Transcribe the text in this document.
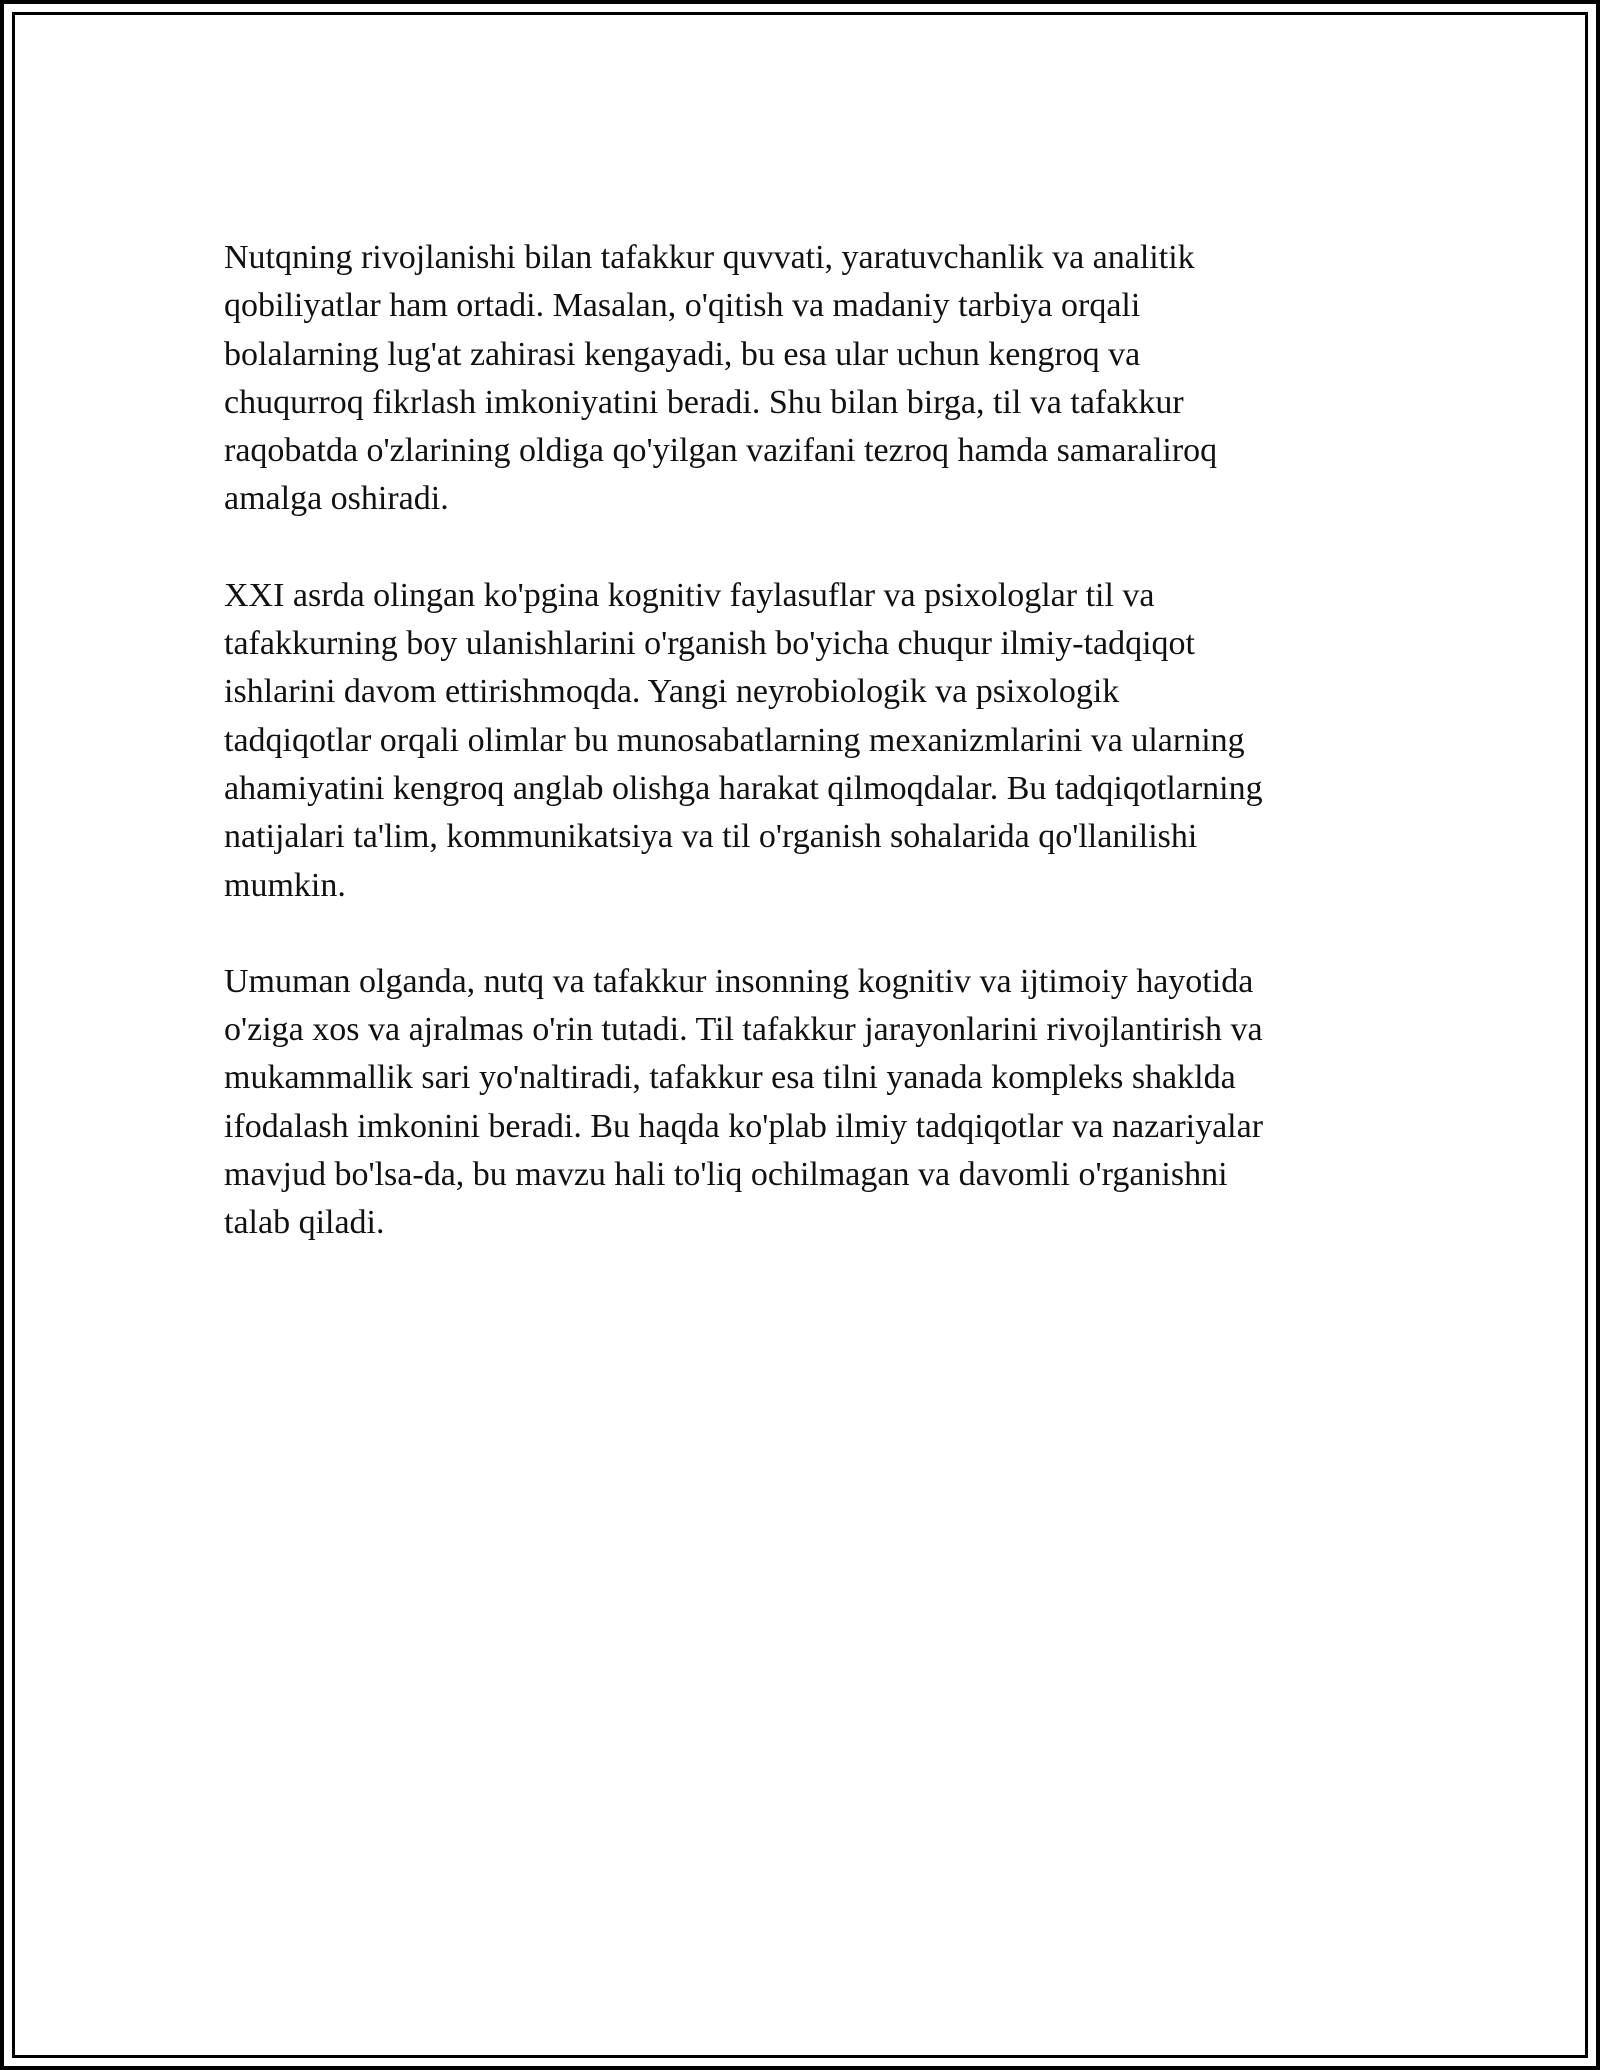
Nutqning rivojlanishi bilan tafakkur quvvati, yaratuvchanlik va analitik
qobiliyatlar ham ortadi. Masalan, o'qitish va madaniy tarbiya orqali
bolalarning lug'at zahirasi kengayadi, bu esa ular uchun kengroq va
chuqurroq fikrlash imkoniyatini beradi. Shu bilan birga, til va tafakkur
raqobatda o'zlarining oldiga qo'yilgan vazifani tezroq hamda samaraliroq
amalga oshiradi.

XXI asrda olingan ko'pgina kognitiv faylasuflar va psixologlar til va
tafakkurning boy ulanishlarini o'rganish bo'yicha chuqur ilmiy-tadqiqot
ishlarini davom ettirishmoqda. Yangi neyrobiologik va psixologik
tadqiqotlar orqali olimlar bu munosabatlarning mexanizmlarini va ularning
ahamiyatini kengroq anglab olishga harakat qilmoqdalar. Bu tadqiqotlarning
natijalari ta'lim, kommunikatsiya va til o'rganish sohalarida qo'llanilishi
mumkin.

Umuman olganda, nutq va tafakkur insonning kognitiv va ijtimoiy hayotida
o'ziga xos va ajralmas o'rin tutadi. Til tafakkur jarayonlarini rivojlantirish va
mukammallik sari yo'naltiradi, tafakkur esa tilni yanada kompleks shaklda
ifodalash imkonini beradi. Bu haqda ko'plab ilmiy tadqiqotlar va nazariyalar
mavjud bo'lsa-da, bu mavzu hali to'liq ochilmagan va davomli o'rganishni
talab qiladi.
